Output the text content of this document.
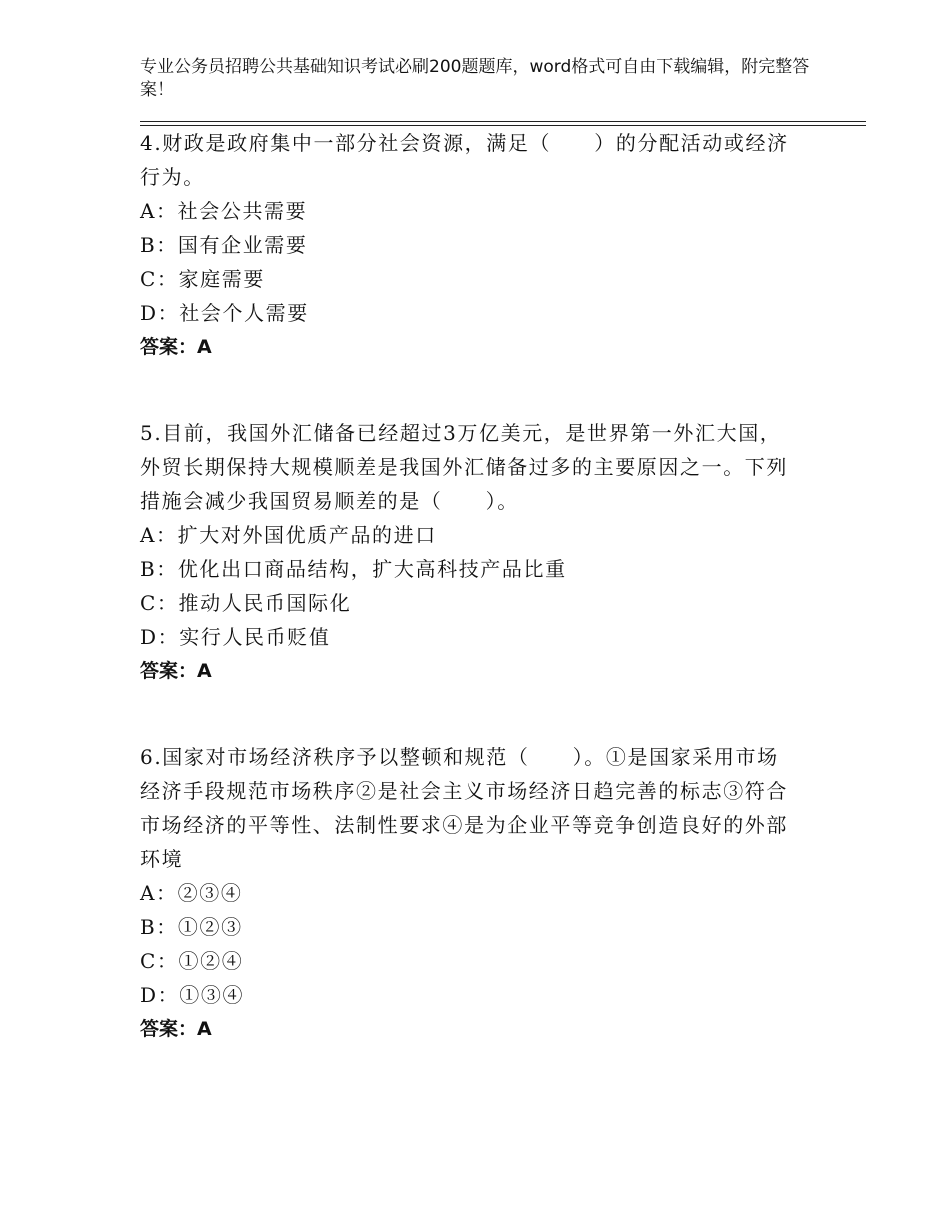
专业公务员招聘公共基础知识考试必刷200题题库，word格式可自由下载编辑，附完整答案！

4.财政是政府集中一部分社会资源，满足（　　）的分配活动或经济行为。

A：社会公共需要

B：国有企业需要

C：家庭需要

D：社会个人需要

答案：A

5.目前，我国外汇储备已经超过3万亿美元，是世界第一外汇大国，外贸长期保持大规模顺差是我国外汇储备过多的主要原因之一。下列措施会减少我国贸易顺差的是（　　）。

A：扩大对外国优质产品的进口

B：优化出口商品结构，扩大高科技产品比重

C：推动人民币国际化

D：实行人民币贬值

答案：A

6.国家对市场经济秩序予以整顿和规范（　　）。①是国家采用市场经济手段规范市场秩序②是社会主义市场经济日趋完善的标志③符合市场经济的平等性、法制性要求④是为企业平等竞争创造良好的外部环境

A：②③④

B：①②③

C：①②④

D：①③④

答案：A
